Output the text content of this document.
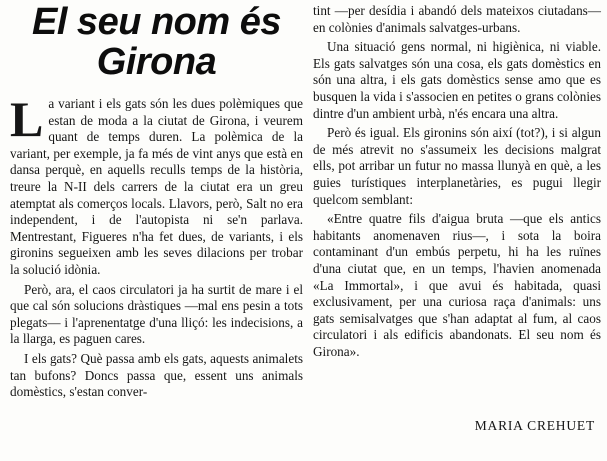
El seu nom és
Girona

La variant i els gats són les dues polèmiques que estan de moda a la ciutat de Girona, i veurem quant de temps duren. La polèmica de la variant, per exemple, ja fa més de vint anys que està en dansa perquè, en aquells reculls temps de la història, treure la N-II dels carrers de la ciutat era un greu atemptat als comerços locals. Llavors, però, Salt no era independent, i de l'autopista ni se'n parlava. Mentrestant, Figueres n'ha fet dues, de variants, i els gironins segueixen amb les seves dilacions per trobar la solució idònia.

Però, ara, el caos circulatori ja ha surtit de mare i el que cal són solucions dràstiques —mal ens pesin a tots plegats— i l'aprenentatge d'una lliçó: les indecisions, a la llarga, es paguen cares.

I els gats? Què passa amb els gats, aquests animalets tan bufons? Doncs passa que, essent uns animals domèstics, s'estan conver-

tint —per desídia i abandó dels mateixos ciutadans— en colònies d'animals salvatges-urbans.

Una situació gens normal, ni higiènica, ni viable. Els gats salvatges són una cosa, els gats domèstics en són una altra, i els gats domèstics sense amo que es busquen la vida i s'associen en petites o grans colònies dintre d'un ambient urbà, n'és encara una altra.

Però és igual. Els gironins són així (tot?), i si algun de més atrevit no s'assumeix les decisions malgrat ells, pot arribar un futur no massa llunyà en què, a les guies turístiques interplanetàries, es pugui llegir quelcom semblant:

«Entre quatre fils d'aigua bruta —que els antics habitants anomenaven rius—, i sota la boira contaminant d'un embús perpetu, hi ha les ruïnes d'una ciutat que, en un temps, l'havien anomenada «La Immortal», i que avui és habitada, quasi exclusivament, per una curiosa raça d'animals: uns gats semisalvatges que s'han adaptat al fum, al caos circulatori i als edificis abandonats. El seu nom és Girona».

MARIA CREHUET
